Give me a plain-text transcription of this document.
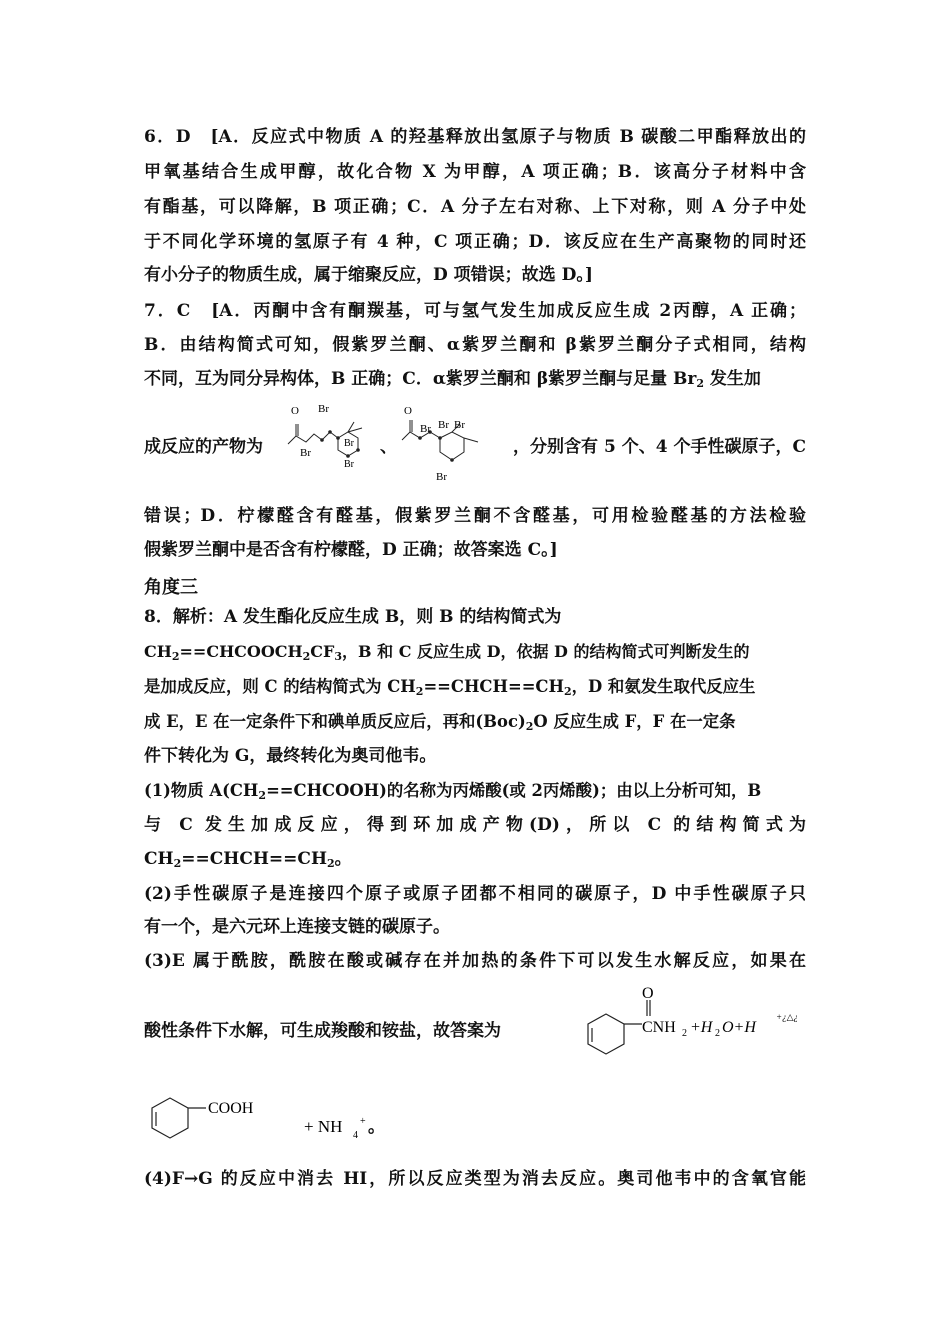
6．D　[A．反应式中物质 A 的羟基释放出氢原子与物质 B 碳酸二甲酯释放出的
甲氧基结合生成甲醇，故化合物 X 为甲醇，A 项正确；B．该高分子材料中含
有酯基，可以降解，B 项正确；C．A 分子左右对称、上下对称，则 A 分子中处
于不同化学环境的氢原子有 4 种，C 项正确；D．该反应在生产高聚物的同时还
有小分子的物质生成，属于缩聚反应，D 项错误；故选 D。]
7．C　[A．丙酮中含有酮羰基，可与氢气发生加成反应生成 2丙醇，A 正确；
B．由结构简式可知，假紫罗兰酮、α紫罗兰酮和 β紫罗兰酮分子式相同，结构
不同，互为同分异构体，B 正确；C．α紫罗兰酮和 β紫罗兰酮与足量 $Br_2$ 发生加
成反应的产物为
O Br
Br
Br
Br
、
O
Br Br Br
Br
，分别含有 5 个、4 个手性碳原子，C
错误；D．柠檬醛含有醛基，假紫罗兰酮不含醛基，可用检验醛基的方法检验
假紫罗兰酮中是否含有柠檬醛，D 正确；故答案选 C。]
角度三
8．解析：A 发生酯化反应生成 B，则 B 的结构简式为
$CH_2==CHCOOCH_2CF_3$，B 和 C 反应生成 D，依据 D 的结构简式可判断发生的
是加成反应，则 C 的结构简式为 $CH_2==CHCH==CH_2$，D 和氨发生取代反应生
成 E，E 在一定条件下和碘单质反应后，再和$(Boc)_2O$ 反应生成 F，F 在一定条
件下转化为 G，最终转化为奥司他韦。
(1)物质 $A(CH_2==CHCOOH)$的名称为丙烯酸(或 2丙烯酸)；由以上分析可知，B
与 C 发生加成反应，得到环加成产物(D)，所以 C 的结构简式为
$CH_2==CHCH==CH_2$。
(2)手性碳原子是连接四个原子或原子团都不相同的碳原子，D 中手性碳原子只
有一个，是六元环上连接支链的碳原子。
(3)E 属于酰胺，酰胺在酸或碱存在并加热的条件下可以发生水解反应，如果在
酸性条件下水解，可生成羧酸和铵盐，故答案为
O
CNH 2 +H 2 O+H
+¿△¿
COOH
+ NH 4
+ 。
(4)F→G 的反应中消去 HI，所以反应类型为消去反应。奥司他韦中的含氧官能
